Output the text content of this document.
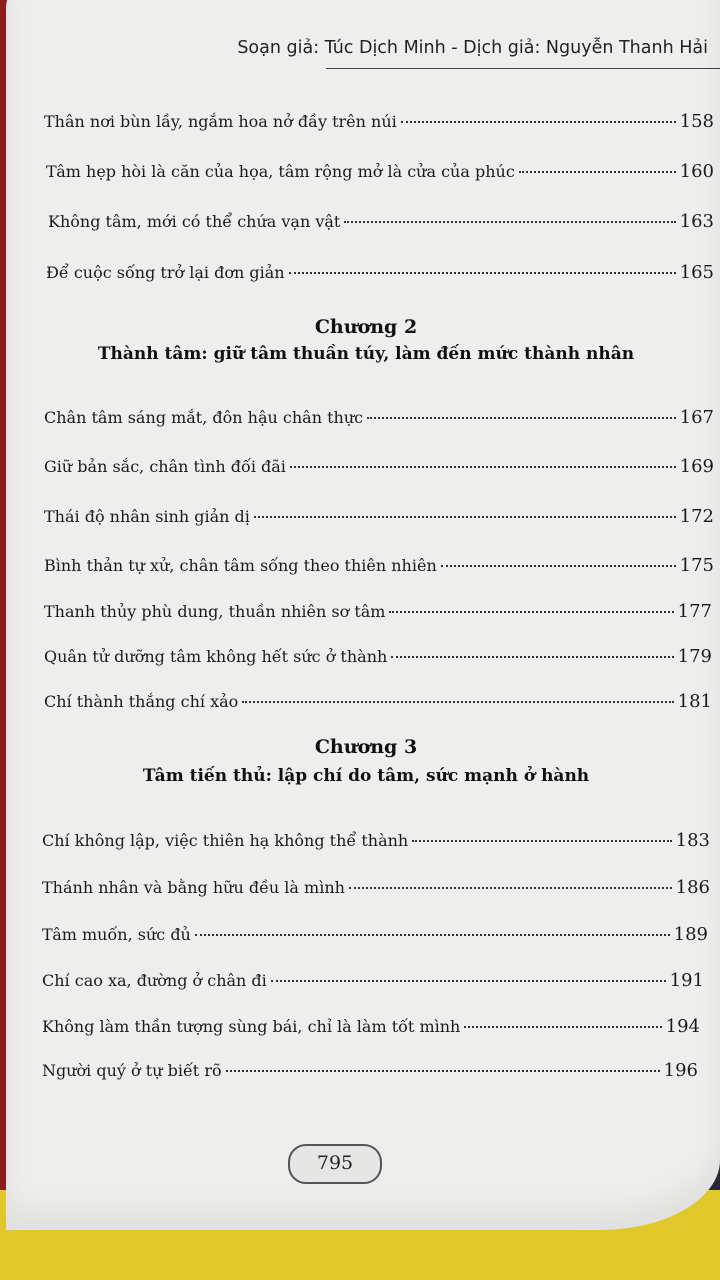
Soạn giả: Túc Dịch Minh - Dịch giả: Nguyễn Thanh Hải
Thân nơi bùn lầy, ngắm hoa nở đầy trên núi	158
Tâm hẹp hòi là căn của họa, tâm rộng mở là cửa của phúc	160
Không tâm, mới có thể chứa vạn vật	163
Để cuộc sống trở lại đơn giản	165
Chương 2
Thành tâm: giữ tâm thuần túy, làm đến mức thành nhân
Chân tâm sáng mắt, đôn hậu chân thực	167
Giữ bản sắc, chân tình đối đãi	169
Thái độ nhân sinh giản dị	172
Bình thản tự xử, chân tâm sống theo thiên nhiên	175
Thanh thủy phù dung, thuần nhiên sơ tâm	177
Quân tử dưỡng tâm không hết sức ở thành	179
Chí thành thắng chí xảo	181
Chương 3
Tâm tiến thủ: lập chí do tâm, sức mạnh ở hành
Chí không lập, việc thiên hạ không thể thành	183
Thánh nhân và bằng hữu đều là mình	186
Tâm muốn, sức đủ	189
Chí cao xa, đường ở chân đi	191
Không làm thần tượng sùng bái, chỉ là làm tốt mình	194
Người quý ở tự biết rõ	196
795
